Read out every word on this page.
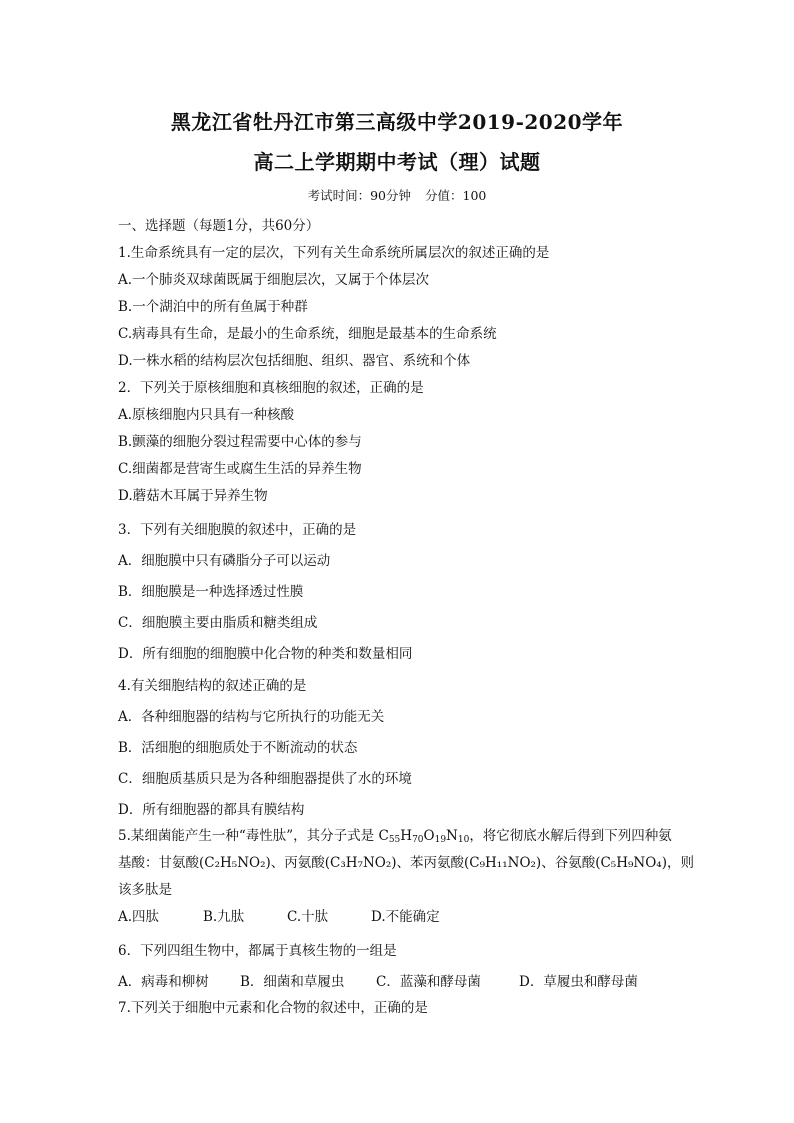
黑龙江省牡丹江市第三高级中学2019-2020学年
高二上学期期中考试（理）试题
考试时间：90分钟 分值：100
一、选择题（每题1分，共60分）
1.生命系统具有一定的层次，下列有关生命系统所属层次的叙述正确的是
A.一个肺炎双球菌既属于细胞层次，又属于个体层次
B.一个湖泊中的所有鱼属于种群
C.病毒具有生命，是最小的生命系统，细胞是最基本的生命系统
D.一株水稻的结构层次包括细胞、组织、器官、系统和个体
2．下列关于原核细胞和真核细胞的叙述，正确的是
A.原核细胞内只具有一种核酸
B.颤藻的细胞分裂过程需要中心体的参与
C.细菌都是营寄生或腐生生活的异养生物
D.蘑菇木耳属于异养生物
3．下列有关细胞膜的叙述中，正确的是
A．细胞膜中只有磷脂分子可以运动
B．细胞膜是一种选择透过性膜
C．细胞膜主要由脂质和糖类组成
D．所有细胞的细胞膜中化合物的种类和数量相同
4.有关细胞结构的叙述正确的是
A．各种细胞器的结构与它所执行的功能无关
B．活细胞的细胞质处于不断流动的状态
C．细胞质基质只是为各种细胞器提供了水的环境
D．所有细胞器的都具有膜结构
5.某细菌能产生一种“毒性肽”，其分子式是 $C_{55}H_{70}O_{19}N_{10}$，将它彻底水解后得到下列四种氨
基酸：甘氨酸(C₂H₅NO₂)、丙氨酸(C₃H₇NO₂)、苯丙氨酸(C₉H₁₁NO₂)、谷氨酸(C₅H₉NO₄)，则
该多肽是
A.四肽	B.九肽	C.十肽	D.不能确定
6．下列四组生物中，都属于真核生物的一组是
A．病毒和柳树 B．细菌和草履虫 C．蓝藻和酵母菌	D．草履虫和酵母菌
7.下列关于细胞中元素和化合物的叙述中，正确的是
